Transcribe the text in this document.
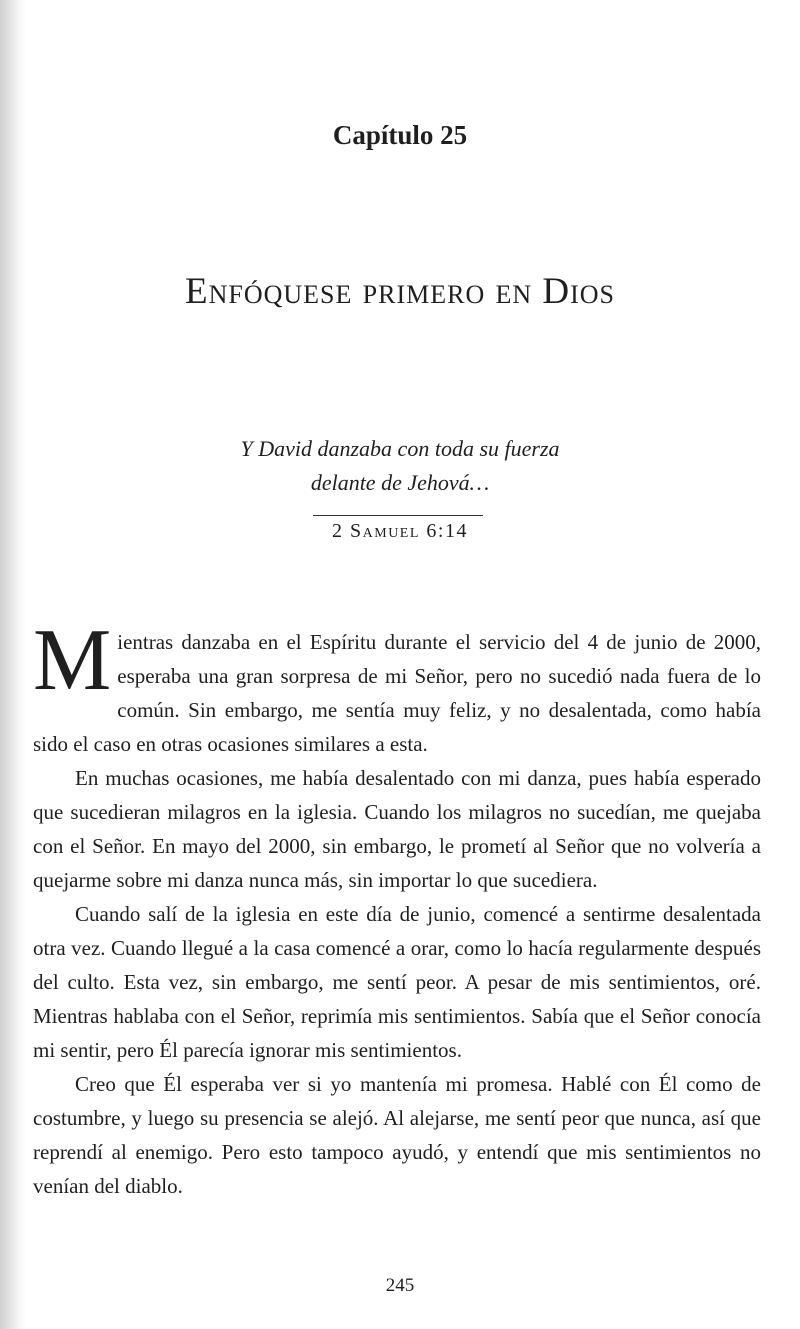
Capítulo 25
Enfóquese primero en Dios
Y David danzaba con toda su fuerza
delante de Jehová…
2 Samuel 6:14

Mientras danzaba en el Espíritu durante el servicio del 4 de junio de 2000, esperaba una gran sorpresa de mi Señor, pero no sucedió nada fuera de lo común. Sin embargo, me sentía muy feliz, y no desalentada, como había sido el caso en otras ocasiones similares a esta.

En muchas ocasiones, me había desalentado con mi danza, pues había esperado que sucedieran milagros en la iglesia. Cuando los milagros no sucedían, me quejaba con el Señor. En mayo del 2000, sin embargo, le prometí al Señor que no volvería a quejarme sobre mi danza nunca más, sin importar lo que sucediera.

Cuando salí de la iglesia en este día de junio, comencé a sentirme desalentada otra vez. Cuando llegué a la casa comencé a orar, como lo hacía regularmente después del culto. Esta vez, sin embargo, me sentí peor. A pesar de mis sentimientos, oré. Mientras hablaba con el Señor, reprimía mis sentimientos. Sabía que el Señor conocía mi sentir, pero Él parecía ignorar mis sentimientos.

Creo que Él esperaba ver si yo mantenía mi promesa. Hablé con Él como de costumbre, y luego su presencia se alejó. Al alejarse, me sentí peor que nunca, así que reprendí al enemigo. Pero esto tampoco ayudó, y entendí que mis sentimientos no venían del diablo.

245
